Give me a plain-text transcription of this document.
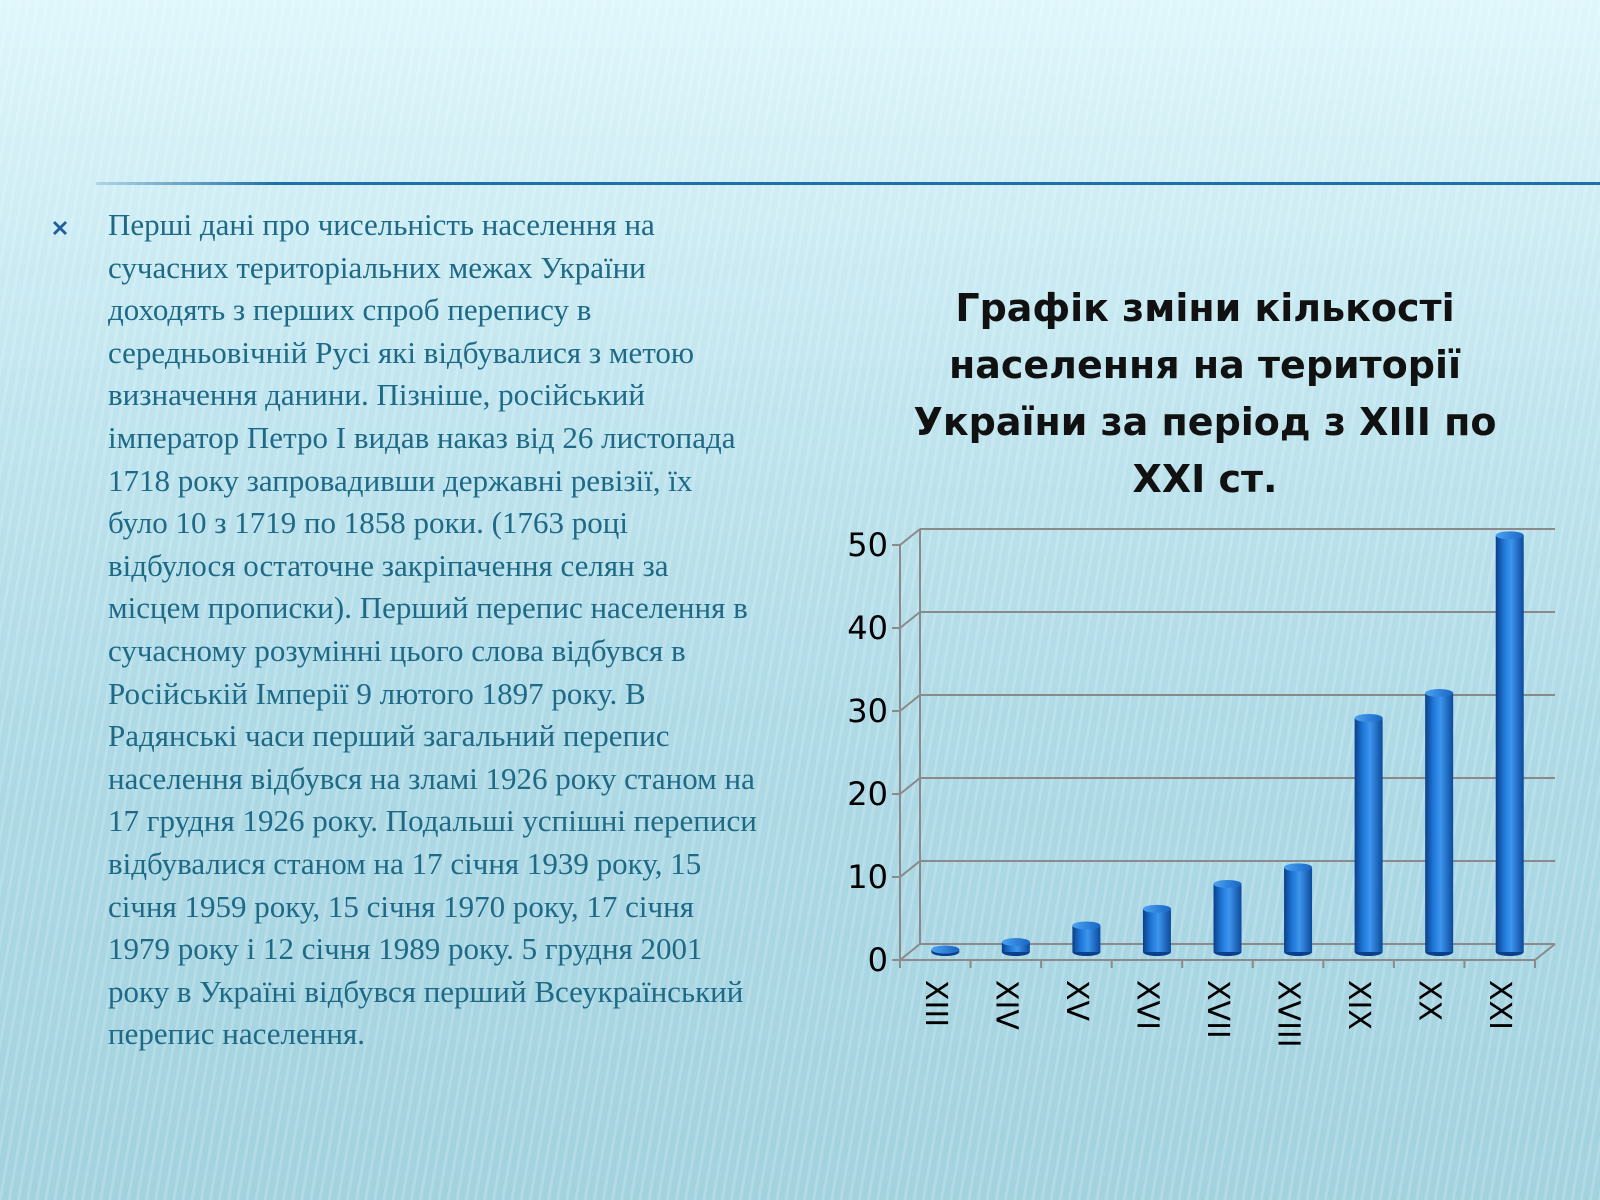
Перші дані про чисельність населення на сучасних територіальних межах України доходять з перших спроб перепису в середньовічній Русі які відбувалися з метою визначення данини. Пізніше, російський імператор Петро І видав наказ від 26 листопада 1718 року запровадивши державні ревізії, їх було 10 з 1719 по 1858 роки. (1763 році відбулося остаточне закріпачення селян за місцем прописки). Перший перепис населення в сучасному розумінні цього слова відбувся в Російській Імперії 9 лютого 1897 року. В Радянські часи перший загальний перепис населення відбувся на зламі 1926 року станом на 17 грудня 1926 року. Подальші успішні переписи відбувалися станом на 17 січня 1939 року, 15 січня 1959 року, 15 січня 1970 року, 17 січня 1979 року і 12 січня 1989 року. 5 грудня 2001 року в Україні відбувся перший Всеукраїнський перепис населення.

Графік зміни кількості населення на території України за період з XIII по XXI ст.
0
10
20
30
40
50
XIII XIV XV XVI XVII XVIII XIX XX XXI
